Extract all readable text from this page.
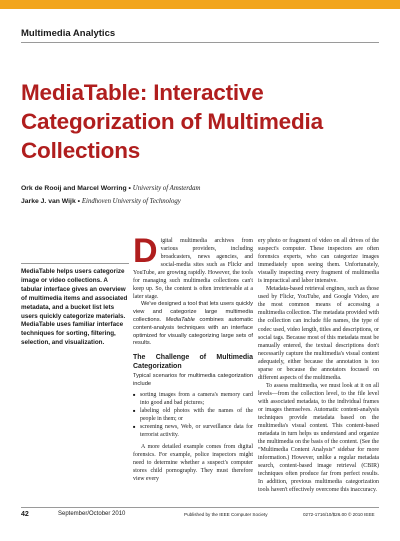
Multimedia Analytics
MediaTable: Interactive Categorization of Multimedia Collections
Ork de Rooij and Marcel Worring • University of Amsterdam
Jarke J. van Wijk • Eindhoven University of Technology
MediaTable helps users categorize image or video collections. A tabular interface gives an overview of multimedia items and associated metadata, and a bucket list lets users quickly categorize materials. MediaTable uses familiar interface techniques for sorting, filtering, selection, and visualization.

Digital multimedia archives from various providers, including broadcasters, news agencies, and social-media sites such as Flickr and YouTube, are growing rapidly. However, the tools for managing such multimedia collections can't keep up. So, the content is often irretrievable at a later stage.

We've designed a tool that lets users quickly view and categorize large multimedia collections. MediaTable combines automatic content-analysis techniques with an interface optimized for visually categorizing large sets of results.

The Challenge of Multimedia Categorization

Typical scenarios for multimedia categorization include

■ sorting images from a camera's memory card into good and bad pictures;
■ labeling old photos with the names of the people in them; or
■ screening news, Web, or surveillance data for terrorist activity.

A more detailed example comes from digital forensics. For example, police inspectors might need to determine whether a suspect's computer stores child pornography. They must therefore view every

ery photo or fragment of video on all drives of the suspect's computer. These inspectors are often forensics experts, who can categorize images immediately upon seeing them. Unfortunately, visually inspecting every fragment of multimedia is impractical and labor intensive.

Metadata-based retrieval engines, such as those used by Flickr, YouTube, and Google Video, are the most common means of accessing a multimedia collection. The metadata provided with the collection can include file names, the type of codec used, video length, titles and descriptions, or social tags. Because most of this metadata must be manually entered, the textual descriptions don't necessarily capture the multimedia's visual content adequately, either because the annotation is too sparse or because the annotators focused on different aspects of the multimedia.

To assess multimedia, we must look at it on all levels—from the collection level, to the file level with associated metadata, to the individual frames or images themselves. Automatic content-analysis techniques provide metadata based on the multimedia's visual content. This content-based metadata in turn helps us understand and organize the multimedia on the basis of the content. (See the “Multimedia Content Analysis” sidebar for more information.) However, unlike a regular metadata search, content-based image retrieval (CBIR) techniques often produce far from perfect results. In addition, previous multimedia categorization tools haven't effectively overcome this inaccuracy.

42	September/October 2010	Published by the IEEE Computer Society	0272-1716/10/$26.00 © 2010 IEEE
